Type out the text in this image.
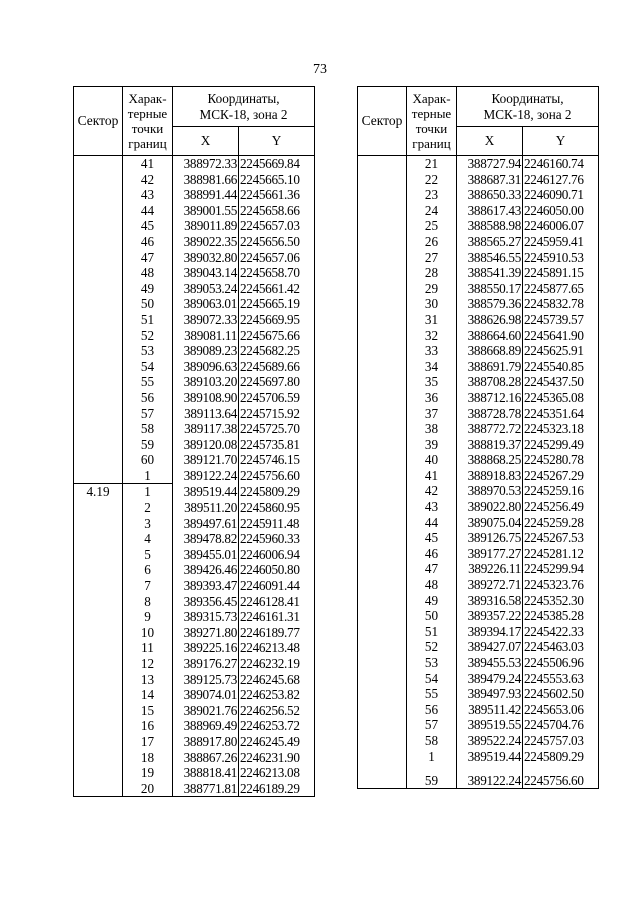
73
Сектор	Харак-
терные
точки
границ	Координаты,
МСК-18, зона 2	
		X	Y
	41	388972.33	2245669.84
	42	388981.66	2245665.10
	43	388991.44	2245661.36
	44	389001.55	2245658.66
	45	389011.89	2245657.03
	46	389022.35	2245656.50
	47	389032.80	2245657.06
	48	389043.14	2245658.70
	49	389053.24	2245661.42
	50	389063.01	2245665.19
	51	389072.33	2245669.95
	52	389081.11	2245675.66
	53	389089.23	2245682.25
	54	389096.63	2245689.66
	55	389103.20	2245697.80
	56	389108.90	2245706.59
	57	389113.64	2245715.92
	58	389117.38	2245725.70
	59	389120.08	2245735.81
	60	389121.70	2245746.15
	1	389122.24	2245756.60
4.19	1	389519.44	2245809.29
	2	389511.20	2245860.95
	3	389497.61	2245911.48
	4	389478.82	2245960.33
	5	389455.01	2246006.94
	6	389426.46	2246050.80
	7	389393.47	2246091.44
	8	389356.45	2246128.41
	9	389315.73	2246161.31
	10	389271.80	2246189.77
	11	389225.16	2246213.48
	12	389176.27	2246232.19
	13	389125.73	2246245.68
	14	389074.01	2246253.82
	15	389021.76	2246256.52
	16	388969.49	2246253.72
	17	388917.80	2246245.49
	18	388867.26	2246231.90
	19	388818.41	2246213.08
	20	388771.81	2246189.29
Сектор	Харак-
терные
точки
границ	Координаты,
МСК-18, зона 2	
		X	Y
	21	388727.94	2246160.74
	22	388687.31	2246127.76
	23	388650.33	2246090.71
	24	388617.43	2246050.00
	25	388588.98	2246006.07
	26	388565.27	2245959.41
	27	388546.55	2245910.53
	28	388541.39	2245891.15
	29	388550.17	2245877.65
	30	388579.36	2245832.78
	31	388626.98	2245739.57
	32	388664.60	2245641.90
	33	388668.89	2245625.91
	34	388691.79	2245540.85
	35	388708.28	2245437.50
	36	388712.16	2245365.08
	37	388728.78	2245351.64
	38	388772.72	2245323.18
	39	388819.37	2245299.49
	40	388868.25	2245280.78
	41	388918.83	2245267.29
	42	388970.53	2245259.16
	43	389022.80	2245256.49
	44	389075.04	2245259.28
	45	389126.75	2245267.53
	46	389177.27	2245281.12
	47	389226.11	2245299.94
	48	389272.71	2245323.76
	49	389316.58	2245352.30
	50	389357.22	2245385.28
	51	389394.17	2245422.33
	52	389427.07	2245463.03
	53	389455.53	2245506.96
	54	389479.24	2245553.63
	55	389497.93	2245602.50
	56	389511.42	2245653.06
	57	389519.55	2245704.76
	58	389522.24	2245757.03
	1	389519.44	2245809.29
	59	389122.24	2245756.60
